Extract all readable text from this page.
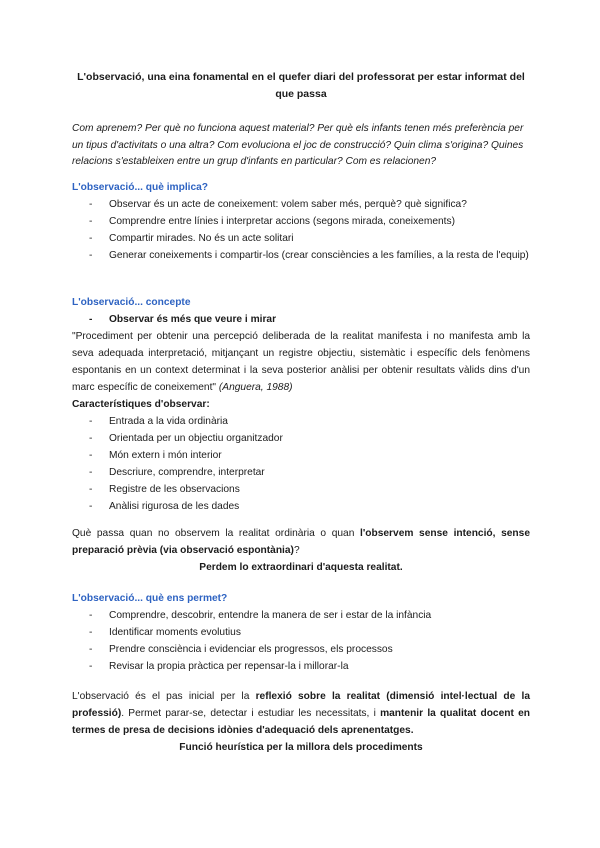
L'observació, una eina fonamental en el quefer diari del professorat per estar informat del que passa

Com aprenem? Per què no funciona aquest material? Per què els infants tenen més preferència per un tipus d'activitats o una altra? Com evoluciona el joc de construcció? Quin clima s'origina? Quines relacions s'estableixen entre un grup d'infants en particular? Com es relacionen?

L'observació... què implica?
- Observar és un acte de coneixement: volem saber més, perquè? què significa?
- Comprendre entre línies i interpretar accions (segons mirada, coneixements)
- Compartir mirades. No és un acte solitari
- Generar coneixements i compartir-los (crear consciències a les famílies, a la resta de l'equip)
L'observació... concepte
- Observar és més que veure i mirar
"Procediment per obtenir una percepció deliberada de la realitat manifesta i no manifesta amb la seva adequada interpretació, mitjançant un registre objectiu, sistemàtic i específic dels fenòmens espontanis en un context determinat i la seva posterior anàlisi per obtenir resultats vàlids dins d'un marc específic de coneixement" (Anguera, 1988)
Característiques d'observar:
- Entrada a la vida ordinària
- Orientada per un objectiu organitzador
- Món extern i món interior
- Descriure, comprendre, interpretar
- Registre de les observacions
- Anàlisi rigurosa de les dades
Què passa quan no observem la realitat ordinària o quan l'observem sense intenció, sense preparació prèvia (via observació espontània)?
Perdem lo extraordinari d'aquesta realitat.
L'observació... què ens permet?
- Comprendre, descobrir, entendre la manera de ser i estar de la infància
- Identificar moments evolutius
- Prendre consciència i evidenciar els progressos, els processos
- Revisar la propia pràctica per repensar-la i millorar-la
L'observació és el pas inicial per la reflexió sobre la realitat (dimensió intel·lectual de la professió). Permet parar-se, detectar i estudiar les necessitats, i mantenir la qualitat docent en termes de presa de decisions idònies d'adequació dels aprenentatges.
Funció heurística per la millora dels procediments
